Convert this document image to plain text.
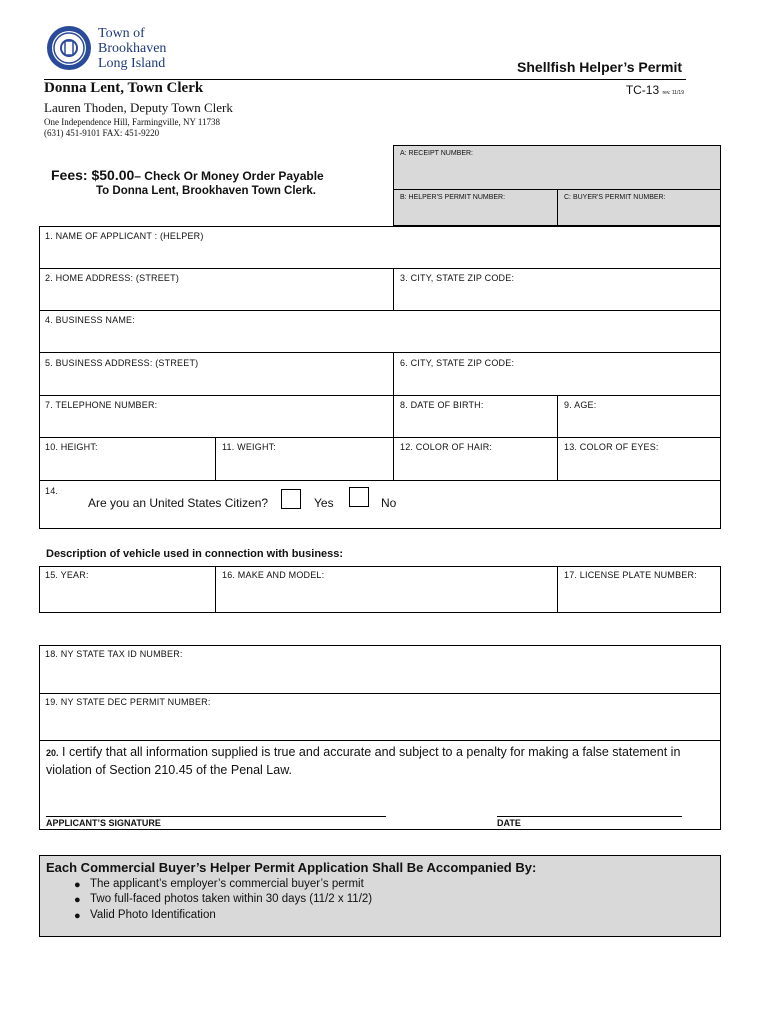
Town of
Brookhaven
Long Island	Shellfish Helper’s Permit
TC-13 rev. 11/19
Donna Lent, Town Clerk
Lauren Thoden, Deputy Town Clerk
One Independence Hill, Farmingville, NY 11738
(631) 451-9101 FAX: 451-9220
Fees: $50.00– Check Or Money Order Payable
To Donna Lent, Brookhaven Town Clerk.
A: RECEIPT NUMBER:
B: HELPER'S PERMIT NUMBER:	C: BUYER'S PERMIT NUMBER:
1. NAME OF APPLICANT : (HELPER)
2. HOME ADDRESS: (STREET)	3. CITY, STATE ZIP CODE:
4. BUSINESS NAME:
5. BUSINESS ADDRESS: (STREET)	6. CITY, STATE ZIP CODE:
7. TELEPHONE NUMBER:	8. DATE OF BIRTH:	9. AGE:
10. HEIGHT:	11. WEIGHT:	12. COLOR OF HAIR:	13. COLOR OF EYES:
14.
Are you an United States Citizen?	Yes	No
Description of vehicle used in connection with business:
15. YEAR:	16. MAKE AND MODEL:	17. LICENSE PLATE NUMBER:
18. NY STATE TAX ID NUMBER:
19. NY STATE DEC PERMIT NUMBER:
20. I certify that all information supplied is true and accurate and subject to a penalty for making a false statement in violation of Section 210.45 of the Penal Law.
APPLICANT’S SIGNATURE	DATE
Each Commercial Buyer’s Helper Permit Application Shall Be Accompanied By:
● The applicant’s employer’s commercial buyer’s permit
● Two full-faced photos taken within 30 days (11/2 x 11/2)
● Valid Photo Identification
